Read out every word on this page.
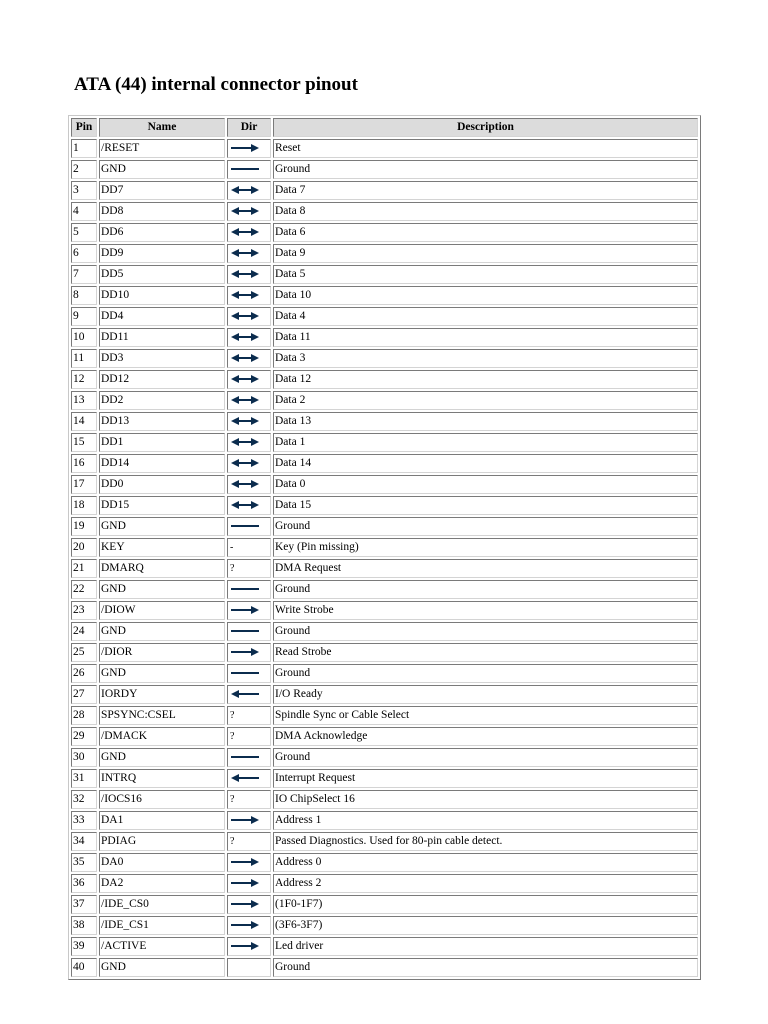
ATA (44) internal connector pinout
Pin	Name	Dir	Description
1	/RESET		Reset
2	GND		Ground
3	DD7		Data 7
4	DD8		Data 8
5	DD6		Data 6
6	DD9		Data 9
7	DD5		Data 5
8	DD10		Data 10
9	DD4		Data 4
10	DD11		Data 11
11	DD3		Data 3
12	DD12		Data 12
13	DD2		Data 2
14	DD13		Data 13
15	DD1		Data 1
16	DD14		Data 14
17	DD0		Data 0
18	DD15		Data 15
19	GND		Ground
20	KEY	-	Key (Pin missing)
21	DMARQ	?	DMA Request
22	GND		Ground
23	/DIOW		Write Strobe
24	GND		Ground
25	/DIOR		Read Strobe
26	GND		Ground
27	IORDY		I/O Ready
28	SPSYNC:CSEL	?	Spindle Sync or Cable Select
29	/DMACK	?	DMA Acknowledge
30	GND		Ground
31	INTRQ		Interrupt Request
32	/IOCS16	?	IO ChipSelect 16
33	DA1		Address 1
34	PDIAG	?	Passed Diagnostics. Used for 80-pin cable detect.
35	DA0		Address 0
36	DA2		Address 2
37	/IDE_CS0		(1F0-1F7)
38	/IDE_CS1		(3F6-3F7)
39	/ACTIVE		Led driver
40	GND		Ground
